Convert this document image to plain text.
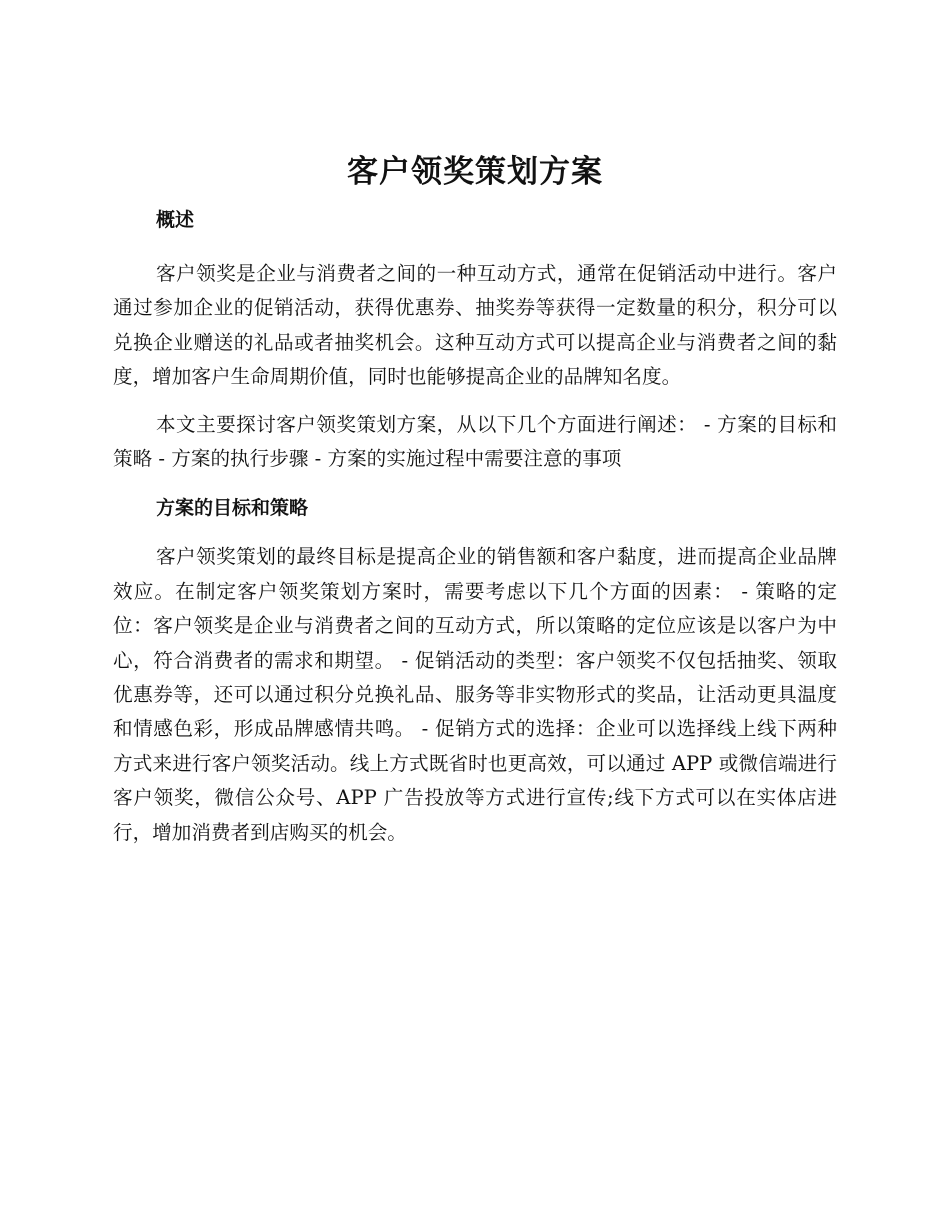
客户领奖策划方案
概述

客户领奖是企业与消费者之间的一种互动方式，通常在促销活动中进行。客户通过参加企业的促销活动，获得优惠券、抽奖券等获得一定数量的积分，积分可以兑换企业赠送的礼品或者抽奖机会。这种互动方式可以提高企业与消费者之间的黏度，增加客户生命周期价值，同时也能够提高企业的品牌知名度。

本文主要探讨客户领奖策划方案，从以下几个方面进行阐述： - 方案的目标和策略 - 方案的执行步骤 - 方案的实施过程中需要注意的事项

方案的目标和策略

客户领奖策划的最终目标是提高企业的销售额和客户黏度，进而提高企业品牌效应。在制定客户领奖策划方案时，需要考虑以下几个方面的因素： - 策略的定位：客户领奖是企业与消费者之间的互动方式，所以策略的定位应该是以客户为中心，符合消费者的需求和期望。 - 促销活动的类型：客户领奖不仅包括抽奖、领取优惠券等，还可以通过积分兑换礼品、服务等非实物形式的奖品，让活动更具温度和情感色彩，形成品牌感情共鸣。 - 促销方式的选择：企业可以选择线上线下两种方式来进行客户领奖活动。线上方式既省时也更高效，可以通过 APP 或微信端进行客户领奖，微信公众号、APP 广告投放等方式进行宣传;线下方式可以在实体店进行，增加消费者到店购买的机会。
